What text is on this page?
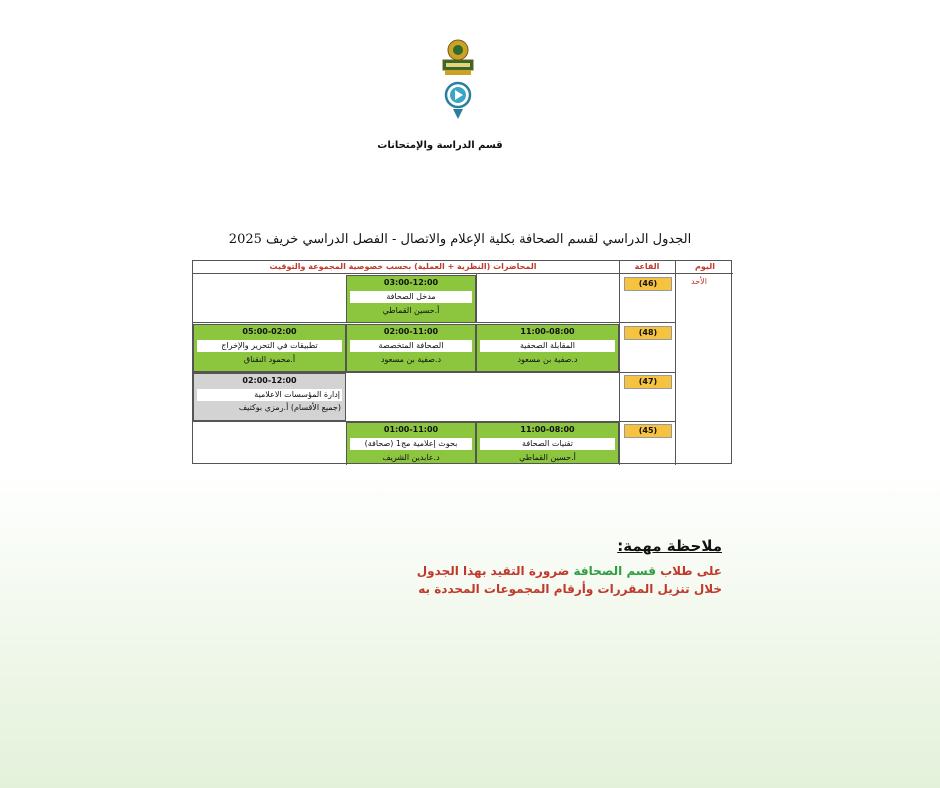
قسم الدراسة والإمتحانات
الجدول الدراسي لقسم الصحافة بكلية الإعلام والاتصال - الفصل الدراسي خريف 2025
اليوم
القاعة
المحاضرات (النظرية + العملية) بحسب خصوصية المجموعة والتوقيت
الأحد
(46)
03:00-12:00
مدخل الصحافة
أ.حسين القماطي
(48)
11:00-08:00
المقابلة الصحفية
د.صفية بن مسعود
02:00-11:00
الصحافة المتخصصة
د.صفية بن مسعود
05:00-02:00
تطبيقات في التحرير والإخراج
أ.محمود النقناق
(47)
02:00-12:00
إدارة المؤسسات الاعلامية
(جميع الأقسام) أ.رمزي بوكتيف
(45)
11:00-08:00
تقنيات الصحافة
أ.حسين القماطي
01:00-11:00
بحوث إعلامية مج1 (صحافة)
د.عابدين الشريف
ملاحظة مهمة:
على طلاب قسم الصحافة ضرورة التقيد بهذا الجدول
خلال تنزيل المقررات وأرقام المجموعات المحددة به
